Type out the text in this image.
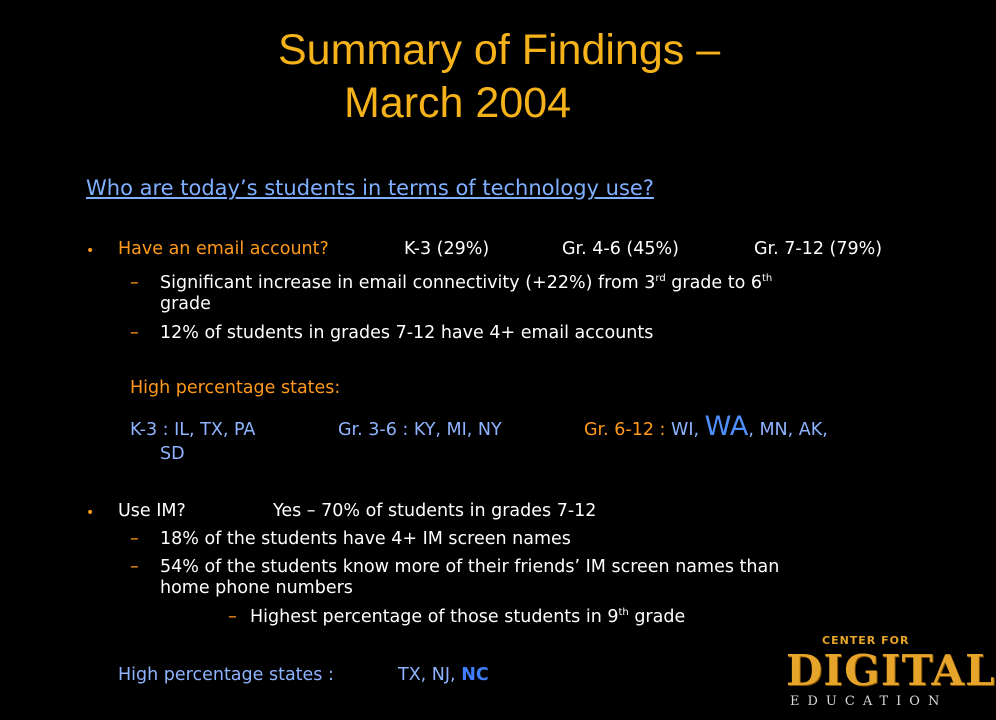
Summary of Findings –
March 2004
Who are today’s students in terms of technology use?
• Have an email account?	K-3 (29%)	Gr. 4-6 (45%)	Gr. 7-12 (79%)
– Significant increase in email connectivity (+22%) from 3rd grade to 6th
grade
– 12% of students in grades 7-12 have 4+ email accounts
High percentage states:
K-3 : IL, TX, PA	Gr. 3-6 : KY, MI, NY	Gr. 6-12 : WI, WA, MN, AK,
SD
• Use IM?	Yes – 70% of students in grades 7-12
– 18% of the students have 4+ IM screen names
– 54% of the students know more of their friends’ IM screen names than
home phone numbers
– Highest percentage of those students in 9th grade
High percentage states :	TX, NJ, NC
CENTER FOR
DIGITAL
EDUCATION
